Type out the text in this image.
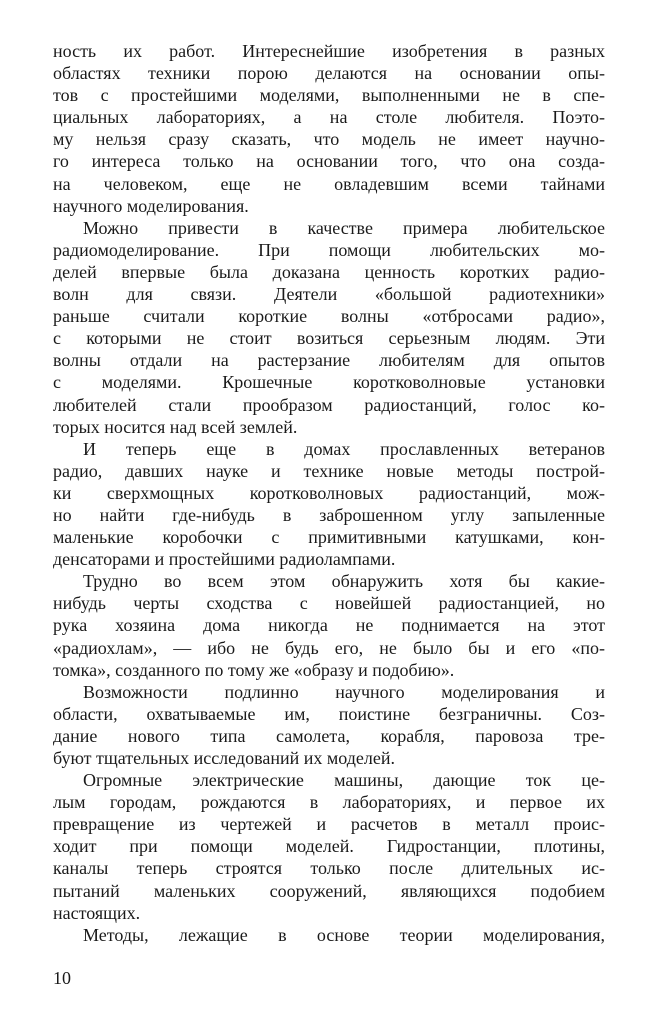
ность их работ. Интереснейшие изобретения в разных
областях техники порою делаются на основании опы-
тов с простейшими моделями, выполненными не в спе-
циальных лабораториях, а на столе любителя. Поэто-
му нельзя сразу сказать, что модель не имеет научно-
го интереса только на основании того, что она созда-
на человеком, еще не овладевшим всеми тайнами
научного моделирования.
Можно привести в качестве примера любительское
радиомоделирование. При помощи любительских мо-
делей впервые была доказана ценность коротких радио-
волн для связи. Деятели «большой радиотехники»
раньше считали короткие волны «отбросами радио»,
с которыми не стоит возиться серьезным людям. Эти
волны отдали на растерзание любителям для опытов
с моделями. Крошечные коротковолновые установки
любителей стали прообразом радиостанций, голос ко-
торых носится над всей землей.
И теперь еще в домах прославленных ветеранов
радио, давших науке и технике новые методы построй-
ки сверхмощных коротковолновых радиостанций, мож-
но найти где-нибудь в заброшенном углу запыленные
маленькие коробочки с примитивными катушками, кон-
денсаторами и простейшими радиолампами.
Трудно во всем этом обнаружить хотя бы какие-
нибудь черты сходства с новейшей радиостанцией, но
рука хозяина дома никогда не поднимается на этот
«радиохлам», — ибо не будь его, не было бы и его «по-
томка», созданного по тому же «образу и подобию».
Возможности подлинно научного моделирования и
области, охватываемые им, поистине безграничны. Соз-
дание нового типа самолета, корабля, паровоза тре-
буют тщательных исследований их моделей.
Огромные электрические машины, дающие ток це-
лым городам, рождаются в лабораториях, и первое их
превращение из чертежей и расчетов в металл проис-
ходит при помощи моделей. Гидростанции, плотины,
каналы теперь строятся только после длительных ис-
пытаний маленьких сооружений, являющихся подобием
настоящих.
Методы, лежащие в основе теории моделирования,
10
